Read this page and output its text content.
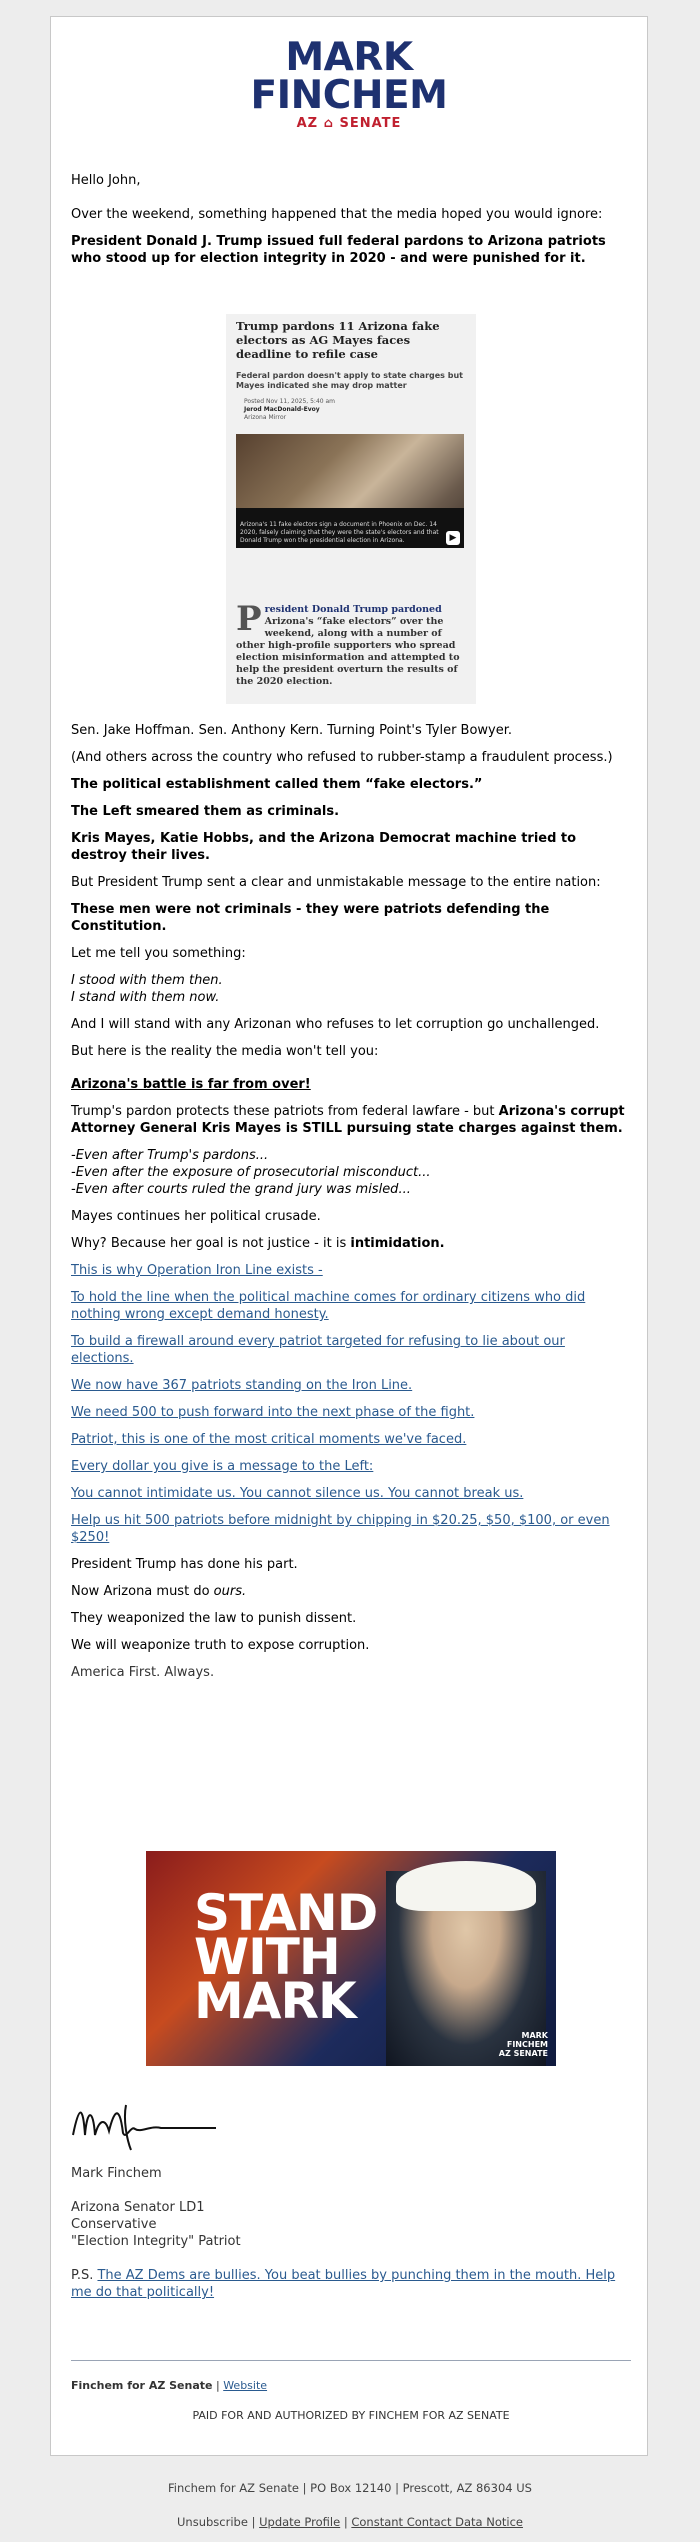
MARK
FINCHEM
AZ ⌂ SENATE

Hello John,

Over the weekend, something happened that the media hoped you would ignore:

President Donald J. Trump issued full federal pardons to Arizona patriots who stood up for election integrity in 2020 - and were punished for it.

Trump pardons 11 Arizona fake electors as AG Mayes faces deadline to refile case
Federal pardon doesn't apply to state charges but Mayes indicated she may drop matter
Posted Nov 11, 2025, 5:40 am
Jerod MacDonald-Evoy
Arizona Mirror
Arizona's 11 fake electors sign a document in Phoenix on Dec. 14 2020, falsely claiming that they were the state's electors and that Donald Trump won the presidential election in Arizona.	▶
President Donald Trump pardoned Arizona's “fake electors” over the weekend, along with a number of other high-profile supporters who spread election misinformation and attempted to help the president overturn the results of the 2020 election.

Sen. Jake Hoffman. Sen. Anthony Kern. Turning Point's Tyler Bowyer.

(And others across the country who refused to rubber-stamp a fraudulent process.)

The political establishment called them “fake electors.”

The Left smeared them as criminals.

Kris Mayes, Katie Hobbs, and the Arizona Democrat machine tried to destroy their lives.

But President Trump sent a clear and unmistakable message to the entire nation:

These men were not criminals - they were patriots defending the Constitution.

Let me tell you something:

I stood with them then.
I stand with them now.

And I will stand with any Arizonan who refuses to let corruption go unchallenged.

But here is the reality the media won't tell you:

Arizona's battle is far from over!

Trump's pardon protects these patriots from federal lawfare - but Arizona's corrupt Attorney General Kris Mayes is STILL pursuing state charges against them.

-Even after Trump's pardons...
-Even after the exposure of prosecutorial misconduct...
-Even after courts ruled the grand jury was misled...

Mayes continues her political crusade.

Why? Because her goal is not justice - it is intimidation.

This is why Operation Iron Line exists -

To hold the line when the political machine comes for ordinary citizens who did nothing wrong except demand honesty.

To build a firewall around every patriot targeted for refusing to lie about our elections.

We now have 367 patriots standing on the Iron Line.

We need 500 to push forward into the next phase of the fight.

Patriot, this is one of the most critical moments we've faced.

Every dollar you give is a message to the Left:

You cannot intimidate us. You cannot silence us. You cannot break us.

Help us hit 500 patriots before midnight by chipping in $20.25, $50, $100, or even $250!

President Trump has done his part.

Now Arizona must do ours.

They weaponized the law to punish dissent.

We will weaponize truth to expose corruption.

America First. Always.

STAND
WITH
MARK
MARK
FINCHEM
AZ SENATE

Mark Finchem

Arizona Senator LD1
Conservative
"Election Integrity" Patriot

P.S. The AZ Dems are bullies. You beat bullies by punching them in the mouth. Help me do that politically!

Finchem for AZ Senate | Website
PAID FOR AND AUTHORIZED BY FINCHEM FOR AZ SENATE
Finchem for AZ Senate | PO Box 12140 | Prescott, AZ 86304 US
Unsubscribe | Update Profile | Constant Contact Data Notice
